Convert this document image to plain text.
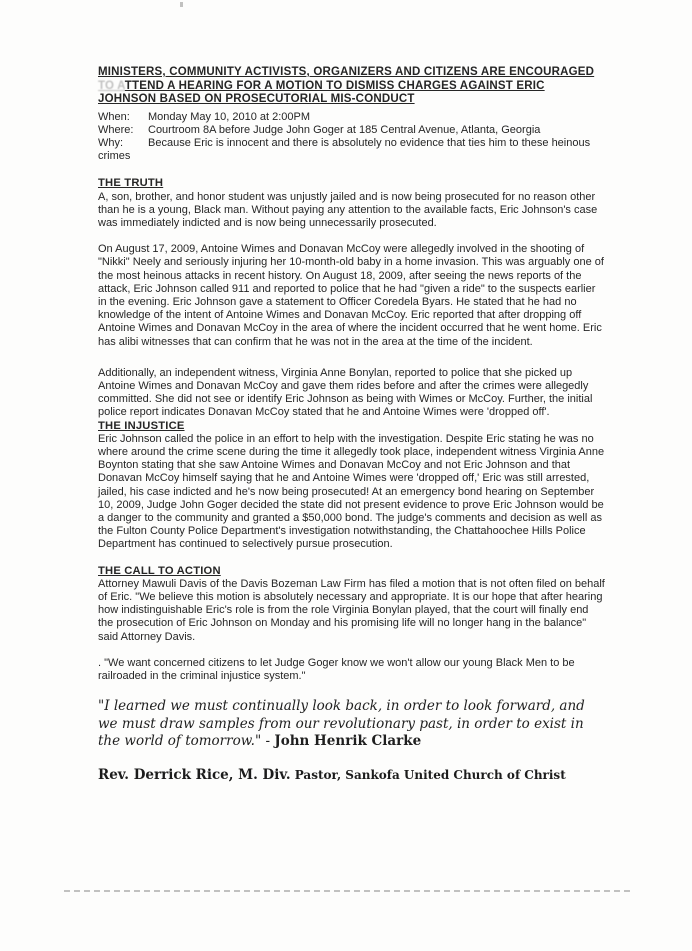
MINISTERS, COMMUNITY ACTIVISTS, ORGANIZERS AND CITIZENS ARE ENCOURAGED
TO ATTEND A HEARING FOR A MOTION TO DISMISS CHARGES AGAINST ERIC
JOHNSON BASED ON PROSECUTORIAL MIS-CONDUCT
When: Monday May 10, 2010 at 2:00PM
Where: Courtroom 8A before Judge John Goger at 185 Central Avenue, Atlanta, Georgia
Why: Because Eric is innocent and there is absolutely no evidence that ties him to these heinous crimes
THE TRUTH

A, son, brother, and honor student was unjustly jailed and is now being prosecuted for no reason other than he is a young, Black man. Without paying any attention to the available facts, Eric Johnson's case was immediately indicted and is now being unnecessarily prosecuted.

On August 17, 2009, Antoine Wimes and Donavan McCoy were allegedly involved in the shooting of "Nikki" Neely and seriously injuring her 10-month-old baby in a home invasion. This was arguably one of the most heinous attacks in recent history. On August 18, 2009, after seeing the news reports of the attack, Eric Johnson called 911 and reported to police that he had "given a ride" to the suspects earlier in the evening. Eric Johnson gave a statement to Officer Coredela Byars. He stated that he had no knowledge of the intent of Antoine Wimes and Donavan McCoy. Eric reported that after dropping off Antoine Wimes and Donavan McCoy in the area of where the incident occurred that he went home. Eric has alibi witnesses that can confirm that he was not in the area at the time of the incident.

Additionally, an independent witness, Virginia Anne Bonylan, reported to police that she picked up Antoine Wimes and Donavan McCoy and gave them rides before and after the crimes were allegedly committed. She did not see or identify Eric Johnson as being with Wimes or McCoy. Further, the initial police report indicates Donavan McCoy stated that he and Antoine Wimes were 'dropped off'.

THE INJUSTICE

Eric Johnson called the police in an effort to help with the investigation. Despite Eric stating he was no where around the crime scene during the time it allegedly took place, independent witness Virginia Anne Boynton stating that she saw Antoine Wimes and Donavan McCoy and not Eric Johnson and that Donavan McCoy himself saying that he and Antoine Wimes were 'dropped off,' Eric was still arrested, jailed, his case indicted and he's now being prosecuted! At an emergency bond hearing on September 10, 2009, Judge John Goger decided the state did not present evidence to prove Eric Johnson would be a danger to the community and granted a $50,000 bond. The judge's comments and decision as well as the Fulton County Police Department's investigation notwithstanding, the Chattahoochee Hills Police Department has continued to selectively pursue prosecution.

THE CALL TO ACTION

Attorney Mawuli Davis of the Davis Bozeman Law Firm has filed a motion that is not often filed on behalf of Eric. "We believe this motion is absolutely necessary and appropriate. It is our hope that after hearing how indistinguishable Eric's role is from the role Virginia Bonylan played, that the court will finally end the prosecution of Eric Johnson on Monday and his promising life will no longer hang in the balance" said Attorney Davis.

. "We want concerned citizens to let Judge Goger know we won't allow our young Black Men to be railroaded in the criminal injustice system."

"I learned we must continually look back, in order to look forward, and we must draw samples from our revolutionary past, in order to exist in the world of tomorrow." - John Henrik Clarke
Rev. Derrick Rice, M. Div. Pastor, Sankofa United Church of Christ
